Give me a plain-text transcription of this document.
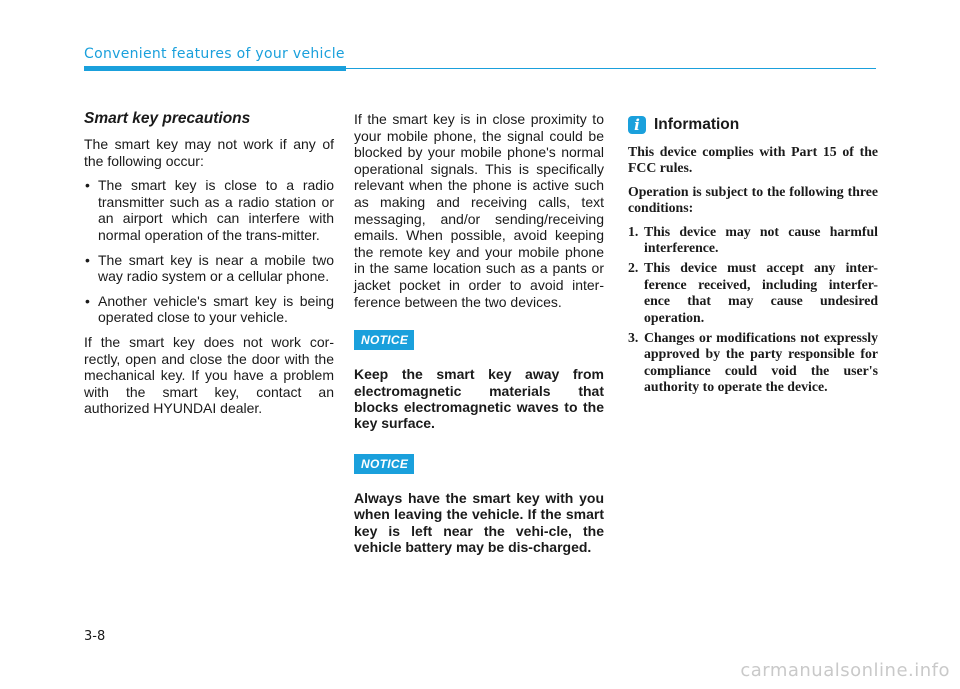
Convenient features of your vehicle
Smart key precautions

The smart key may not work if any of the following occur:

• The smart key is close to a radio transmitter such as a radio station or an airport which can interfere with normal operation of the trans-mitter.
• The smart key is near a mobile two way radio system or a cellular phone.
• Another vehicle's smart key is being operated close to your vehicle.

If the smart key does not work cor-rectly, open and close the door with the mechanical key. If you have a problem with the smart key, contact an authorized HYUNDAI dealer.

If the smart key is in close proximity to your mobile phone, the signal could be blocked by your mobile phone's normal operational signals. This is specifically relevant when the phone is active such as making and receiving calls, text messaging, and/or sending/receiving emails. When possible, avoid keeping the remote key and your mobile phone in the same location such as a pants or jacket pocket in order to avoid inter-ference between the two devices.

NOTICE

Keep the smart key away from electromagnetic materials that blocks electromagnetic waves to the key surface.

NOTICE

Always have the smart key with you when leaving the vehicle. If the smart key is left near the vehi-cle, the vehicle battery may be dis-charged.

i Information

This device complies with Part 15 of the FCC rules.

Operation is subject to the following three conditions:

1. This device may not cause harmful interference.
2. This device must accept any inter-ference received, including interfer-ence that may cause undesired operation.
3. Changes or modifications not expressly approved by the party responsible for compliance could void the user's authority to operate the device.
3-8
carmanualsonline.info
